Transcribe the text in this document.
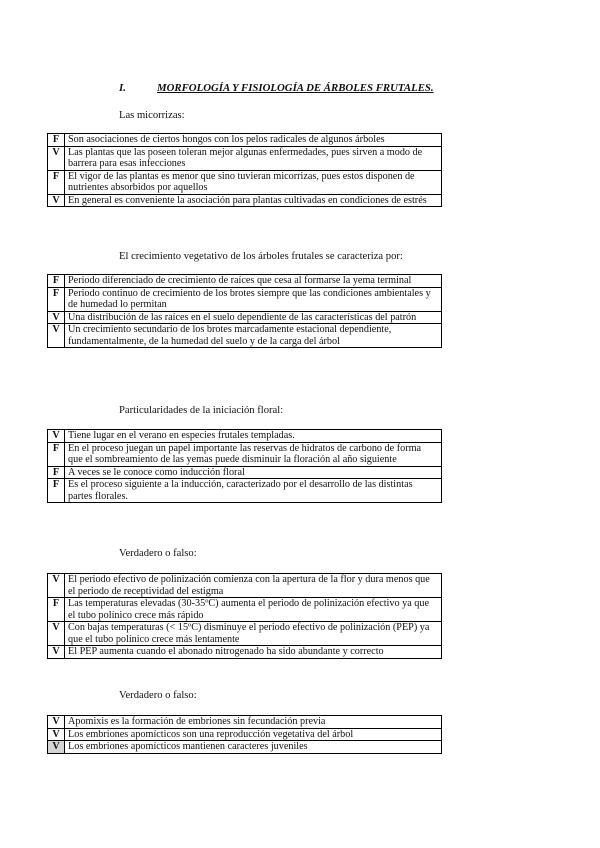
I.	MORFOLOGÍA Y FISIOLOGÍA DE ÁRBOLES FRUTALES.
Las micorrizas:
F	Son asociaciones de ciertos hongos con los pelos radicales de algunos árboles
V	Las plantas que las poseen toleran mejor algunas enfermedades, pues sirven a modo de barrera para esas infecciones
F	El vigor de las plantas es menor que sino tuvieran micorrizas, pues estos disponen de nutrientes absorbidos por aquellos
V	En general es conveniente la asociación para plantas cultivadas en condiciones de estrés
El crecimiento vegetativo de los árboles frutales se caracteriza por:
F	Periodo diferenciado de crecimiento de raíces que cesa al formarse la yema terminal
F	Periodo continuo de crecimiento de los brotes siempre que las condiciones ambientales y de humedad lo permitan
V	Una distribución de las raíces en el suelo dependiente de las características del patrón
V	Un crecimiento secundario de los brotes marcadamente estacional dependiente, fundamentalmente, de la humedad del suelo y de la carga del árbol
Particularidades de la iniciación floral:
V	Tiene lugar en el verano en especies frutales templadas.
F	En el proceso juegan un papel importante las reservas de hidratos de carbono de forma que el sombreamiento de las yemas puede disminuir la floración al año siguiente
F	A veces se le conoce como inducción floral
F	Es el proceso siguiente a la inducción, caracterizado por el desarrollo de las distintas partes florales.
Verdadero o falso:
V	El periodo efectivo de polinización comienza con la apertura de la flor y dura menos que el periodo de receptividad del estigma
F	Las temperaturas elevadas (30-35ºC) aumenta el periodo de polinización efectivo ya que el tubo polínico crece más rápido
V	Con bajas temperaturas (< 15ºC) disminuye el periodo efectivo de polinización (PEP) ya que el tubo polínico crece más lentamente
V	El PEP aumenta cuando el abonado nitrogenado ha sido abundante y correcto
Verdadero o falso:
V	Apomixis es la formación de embriones sin fecundación previa
V	Los embriones apomícticos son una reproducción vegetativa del árbol
V	Los embriones apomícticos mantienen caracteres juveniles
